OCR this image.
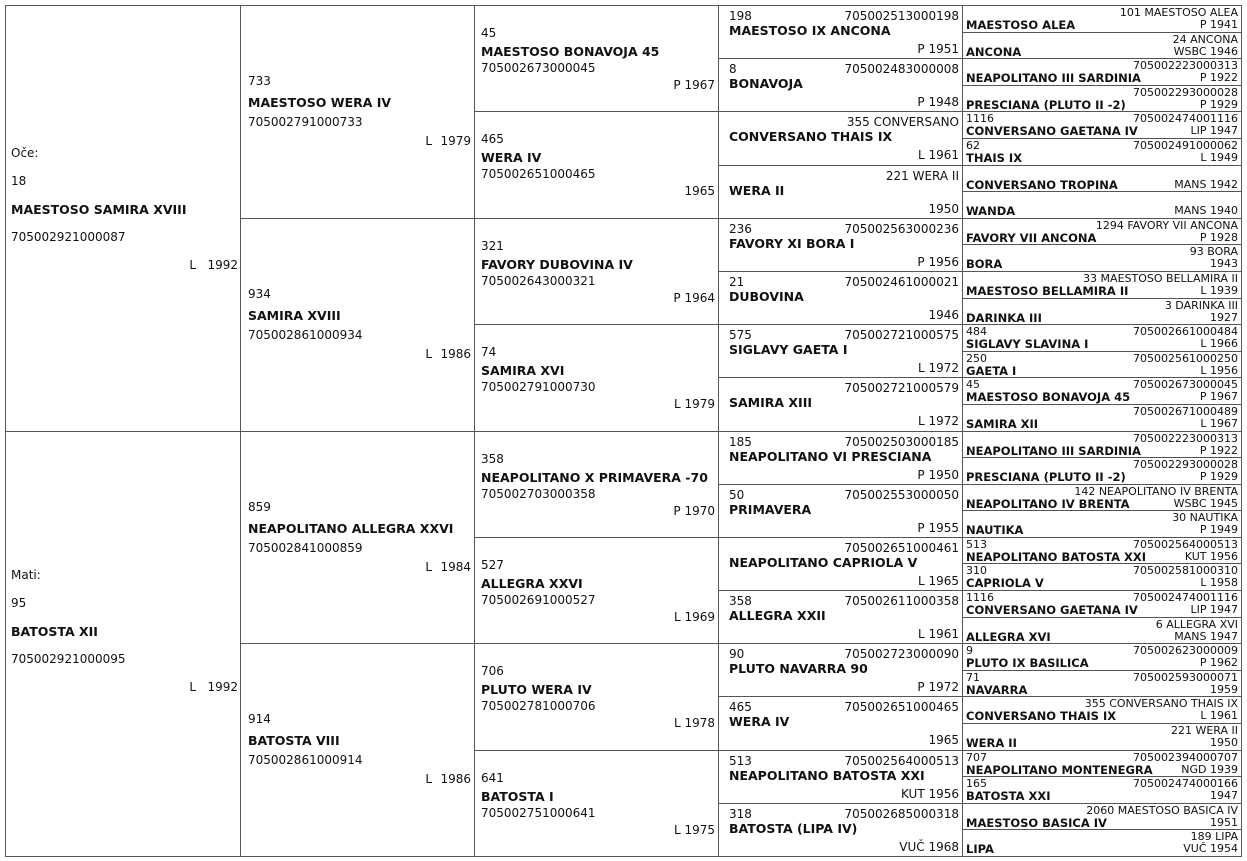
Oče:
18
MAESTOSO SAMIRA XVIII
705002921000087
L 1992
Mati:
95
BATOSTA XII
705002921000095
L 1992
733
MAESTOSO WERA IV
705002791000733
L 1979
934
SAMIRA XVIII
705002861000934
L 1986
859
NEAPOLITANO ALLEGRA XXVI
705002841000859
L 1984
914
BATOSTA VIII
705002861000914
L 1986
45
MAESTOSO BONAVOJA 45
705002673000045
P 1967
465
WERA IV
705002651000465
1965
321
FAVORY DUBOVINA IV
705002643000321
P 1964
74
SAMIRA XVI
705002791000730
L 1979
358
NEAPOLITANO X PRIMAVERA -70
705002703000358
P 1970
527
ALLEGRA XXVI
705002691000527
L 1969
706
PLUTO WERA IV
705002781000706
L 1978
641
BATOSTA I
705002751000641
L 1975
198	705002513000198
MAESTOSO IX ANCONA
P 1951
8	705002483000008
BONAVOJA
P 1948
355 CONVERSANO
CONVERSANO THAIS IX
L 1961
221 WERA II
WERA II
1950
236	705002563000236
FAVORY XI BORA I
P 1956
21	705002461000021
DUBOVINA
1946
575	705002721000575
SIGLAVY GAETA I
L 1972
705002721000579
SAMIRA XIII
L 1972
185	705002503000185
NEAPOLITANO VI PRESCIANA
P 1950
50	705002553000050
PRIMAVERA
P 1955
705002651000461
NEAPOLITANO CAPRIOLA V
L 1965
358	705002611000358
ALLEGRA XXII
L 1961
90	705002723000090
PLUTO NAVARRA 90
P 1972
465	705002651000465
WERA IV
1965
513	705002564000513
NEAPOLITANO BATOSTA XXI
KUT 1956
318	705002685000318
BATOSTA (LIPA IV)
VUČ 1968
101 MAESTOSO ALEA
MAESTOSO ALEA	P 1941
24 ANCONA
ANCONA	WSBC 1946
705002223000313
NEAPOLITANO III SARDINIA	P 1922
705002293000028
PRESCIANA (PLUTO II -2)	P 1929
1116	705002474001116
CONVERSANO GAETANA IV	LIP 1947
62	705002491000062
THAIS IX	L 1949
CONVERSANO TROPINA	MANS 1942
WANDA	MANS 1940
1294 FAVORY VII ANCONA
FAVORY VII ANCONA	P 1928
93 BORA
BORA	1943
33 MAESTOSO BELLAMIRA II
MAESTOSO BELLAMIRA II	L 1939
3 DARINKA III
DARINKA III	1927
484	705002661000484
SIGLAVY SLAVINA I	L 1966
250	705002561000250
GAETA I	L 1956
45	705002673000045
MAESTOSO BONAVOJA 45	P 1967
705002671000489
SAMIRA XII	L 1967
705002223000313
NEAPOLITANO III SARDINIA	P 1922
705002293000028
PRESCIANA (PLUTO II -2)	P 1929
142 NEAPOLITANO IV BRENTA
NEAPOLITANO IV BRENTA	WSBC 1945
30 NAUTIKA
NAUTIKA	P 1949
513	705002564000513
NEAPOLITANO BATOSTA XXI	KUT 1956
310	705002581000310
CAPRIOLA V	L 1958
1116	705002474001116
CONVERSANO GAETANA IV	LIP 1947
6 ALLEGRA XVI
ALLEGRA XVI	MANS 1947
9	705002623000009
PLUTO IX BASILICA	P 1962
71	705002593000071
NAVARRA	1959
355 CONVERSANO THAIS IX
CONVERSANO THAIS IX	L 1961
221 WERA II
WERA II	1950
707	705002394000707
NEAPOLITANO MONTENEGRA	NGD 1939
165	705002474000166
BATOSTA XXI	1947
2060 MAESTOSO BASICA IV
MAESTOSO BASICA IV	1951
189 LIPA
LIPA	VUČ 1954
